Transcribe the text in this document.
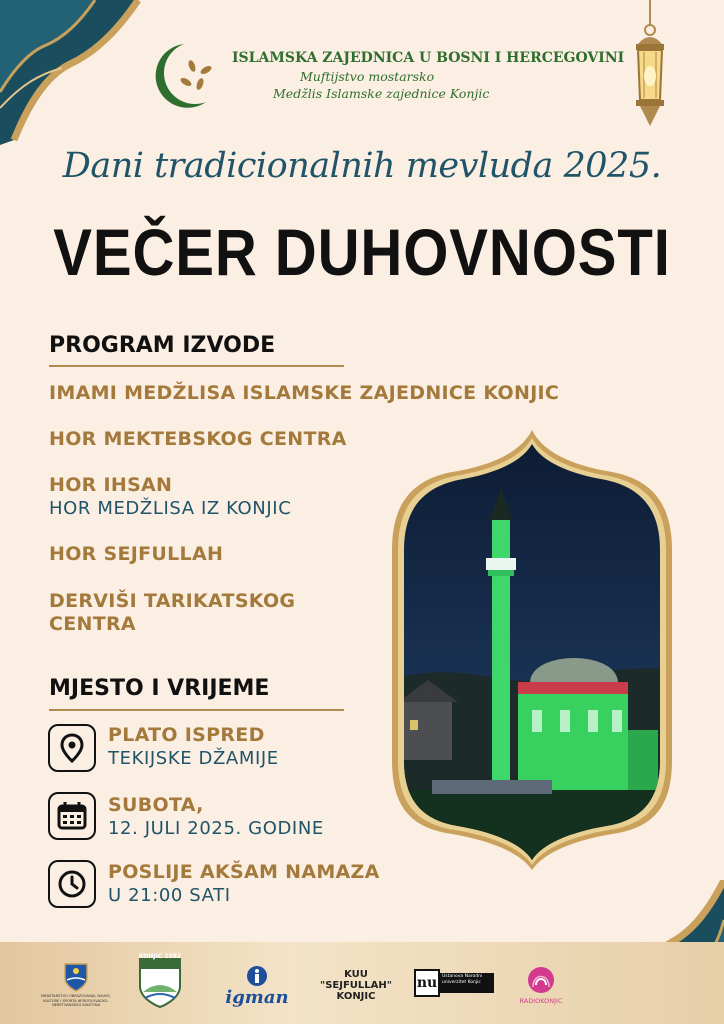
ISLAMSKA ZAJEDNICA U BOSNI I HERCEGOVINI
Muftijstvo mostarsko
Medžlis Islamske zajednice Konjic
Dani tradicionalnih mevluda 2025.
VEČER DUHOVNOSTI
PROGRAM IZVODE
IMAMI MEDŽLISA ISLAMSKE ZAJEDNICE KONJIC
HOR MEKTEBSKOG CENTRA
HOR IHSAN
HOR MEDŽLISA IZ KONJIC
HOR SEJFULLAH
DERVIŠI TARIKATSKOG
CENTRA
MJESTO I VRIJEME
PLATO ISPRED
TEKIJSKE DŽAMIJE
SUBOTA,
12. JULI 2025. GODINE
POSLIJE AKŠAM NAMAZA
U 21:00 SATI
MINISTARSTVO OBRAZOVANJA, NAUKE, KULTURE I SPORTA HERCEGOVAČKO-NERETVANSKOG KANTONA
KONJIC 1382
igman
KUU
"SEJFULLAH"
KONJIC
nu	Ustanova Narodni univerzitet Konjic
RADIOKONJIC
